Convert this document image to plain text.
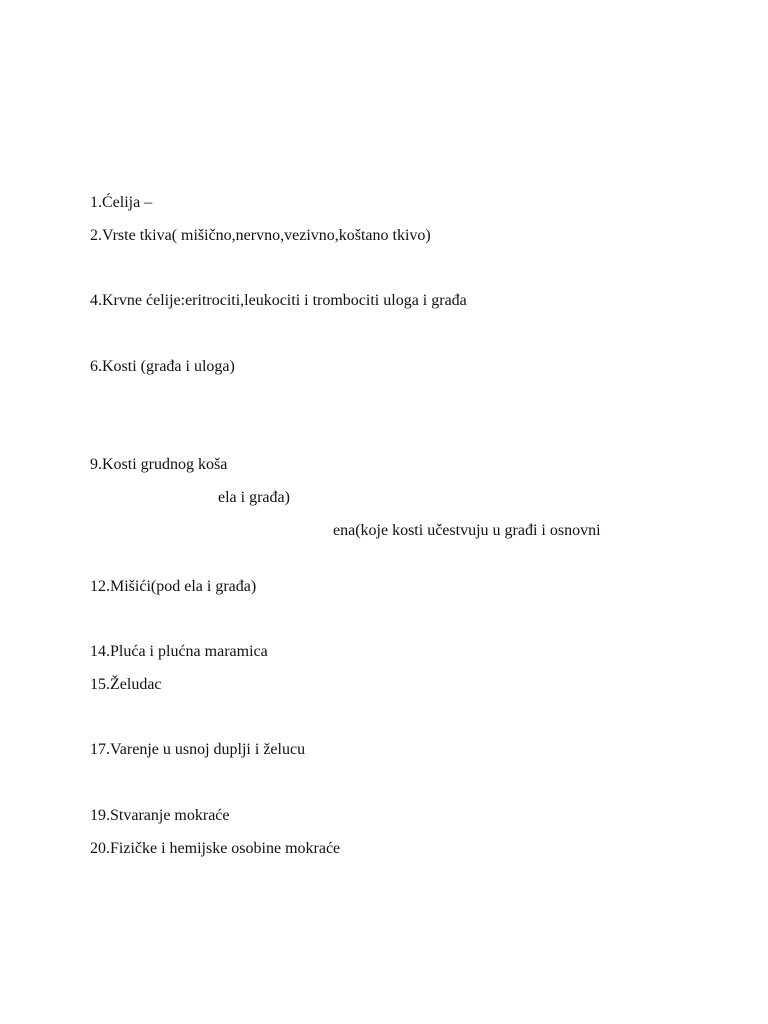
1.Ćelija –
2.Vrste tkiva( mišično,nervno,vezivno,koštano tkivo)
4.Krvne ćelije:eritrociti,leukociti i trombociti uloga i građa
6.Kosti (građa i uloga)
9.Kosti grudnog koša
ela i građa)
ena(koje kosti učestvuju u građi i osnovni
12.Mišići(pod ela i građa)
14.Pluća i plućna maramica
15.Želudac
17.Varenje u usnoj duplji i želucu
19.Stvaranje mokraće
20.Fizičke i hemijske osobine mokraće
